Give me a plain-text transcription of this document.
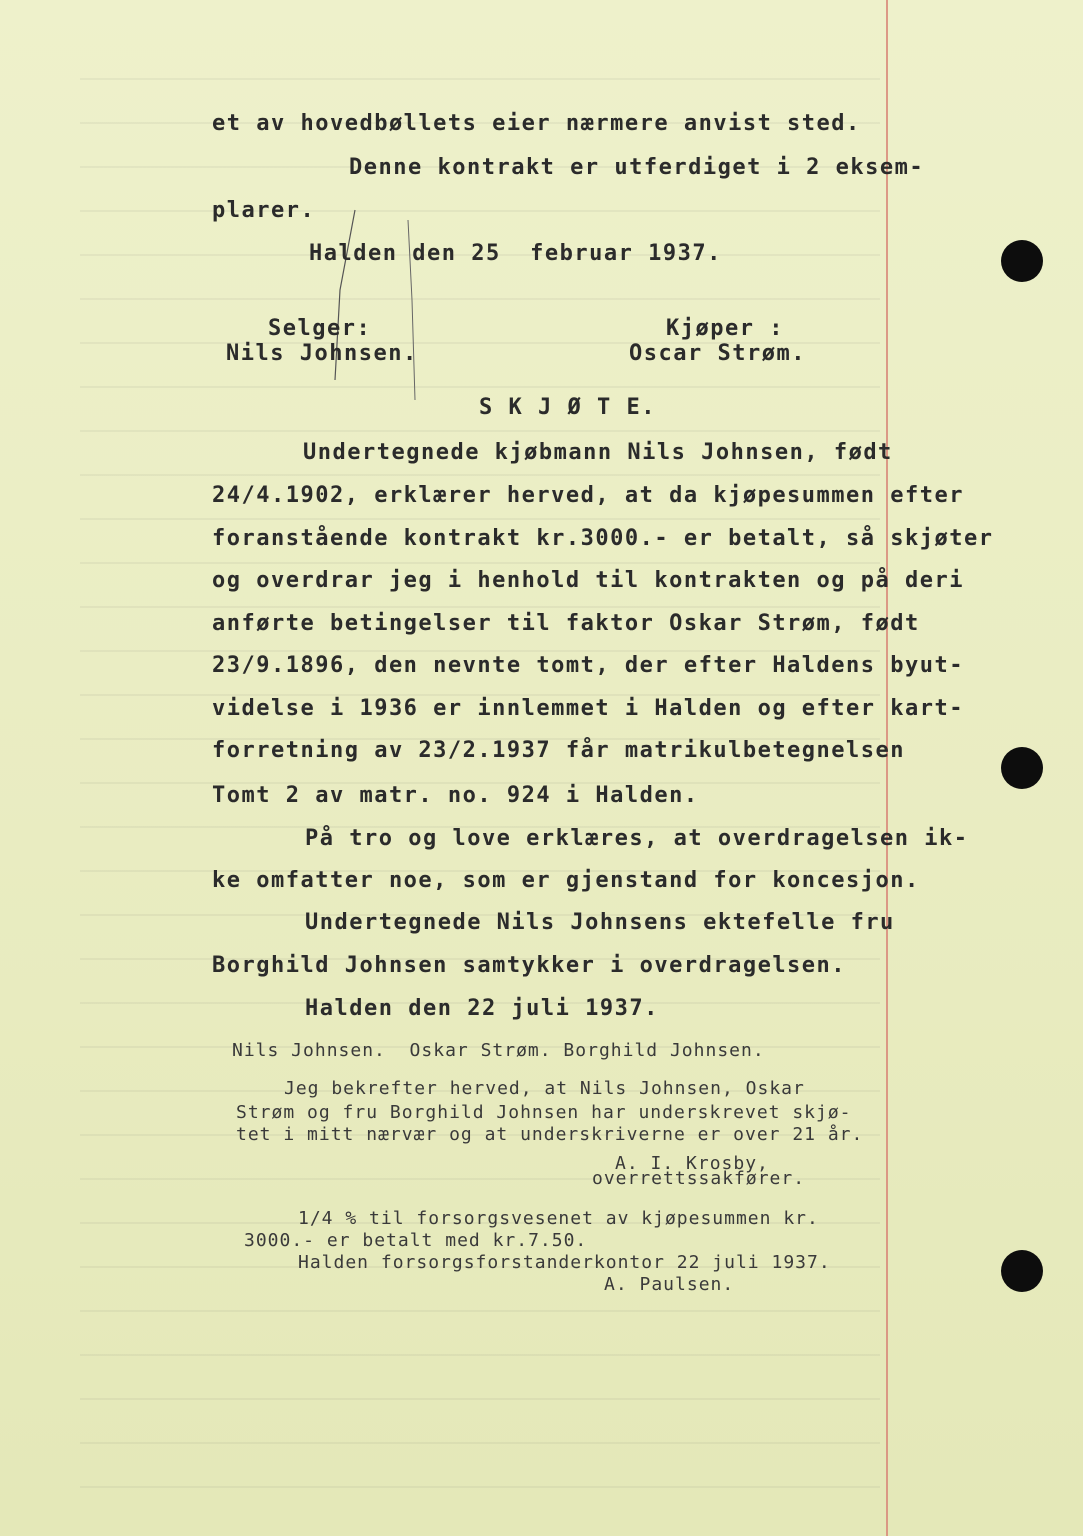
et av hovedbøllets eier nærmere anvist sted.
Denne kontrakt er utferdiget i 2 eksem-
plarer.
Halden den 25  februar 1937.
Selger:	Kjøper :
Nils Johnsen.	Oscar Strøm.
S K J Ø T E.
Undertegnede kjøbmann Nils Johnsen, født
24/4.1902, erklærer herved, at da kjøpesummen efter
foranstående kontrakt kr.3000.- er betalt, så skjøter
og overdrar jeg i henhold til kontrakten og på deri
anførte betingelser til faktor Oskar Strøm, født
23/9.1896, den nevnte tomt, der efter Haldens byut-
videlse i 1936 er innlemmet i Halden og efter kart-
forretning av 23/2.1937 får matrikulbetegnelsen
Tomt 2 av matr. no. 924 i Halden.
På tro og love erklæres, at overdragelsen ik-
ke omfatter noe, som er gjenstand for koncesjon.
Undertegnede Nils Johnsens ektefelle fru
Borghild Johnsen samtykker i overdragelsen.
Halden den 22 juli 1937.
Nils Johnsen.  Oskar Strøm. Borghild Johnsen.
Jeg bekrefter herved, at Nils Johnsen, Oskar
Strøm og fru Borghild Johnsen har underskrevet skjø-
tet i mitt nærvær og at underskriverne er over 21 år.
A. I. Krosby,
overrettssakfører.
1/4 % til forsorgsvesenet av kjøpesummen kr.
3000.- er betalt med kr.7.50.
Halden forsorgsforstanderkontor 22 juli 1937.
A. Paulsen.
